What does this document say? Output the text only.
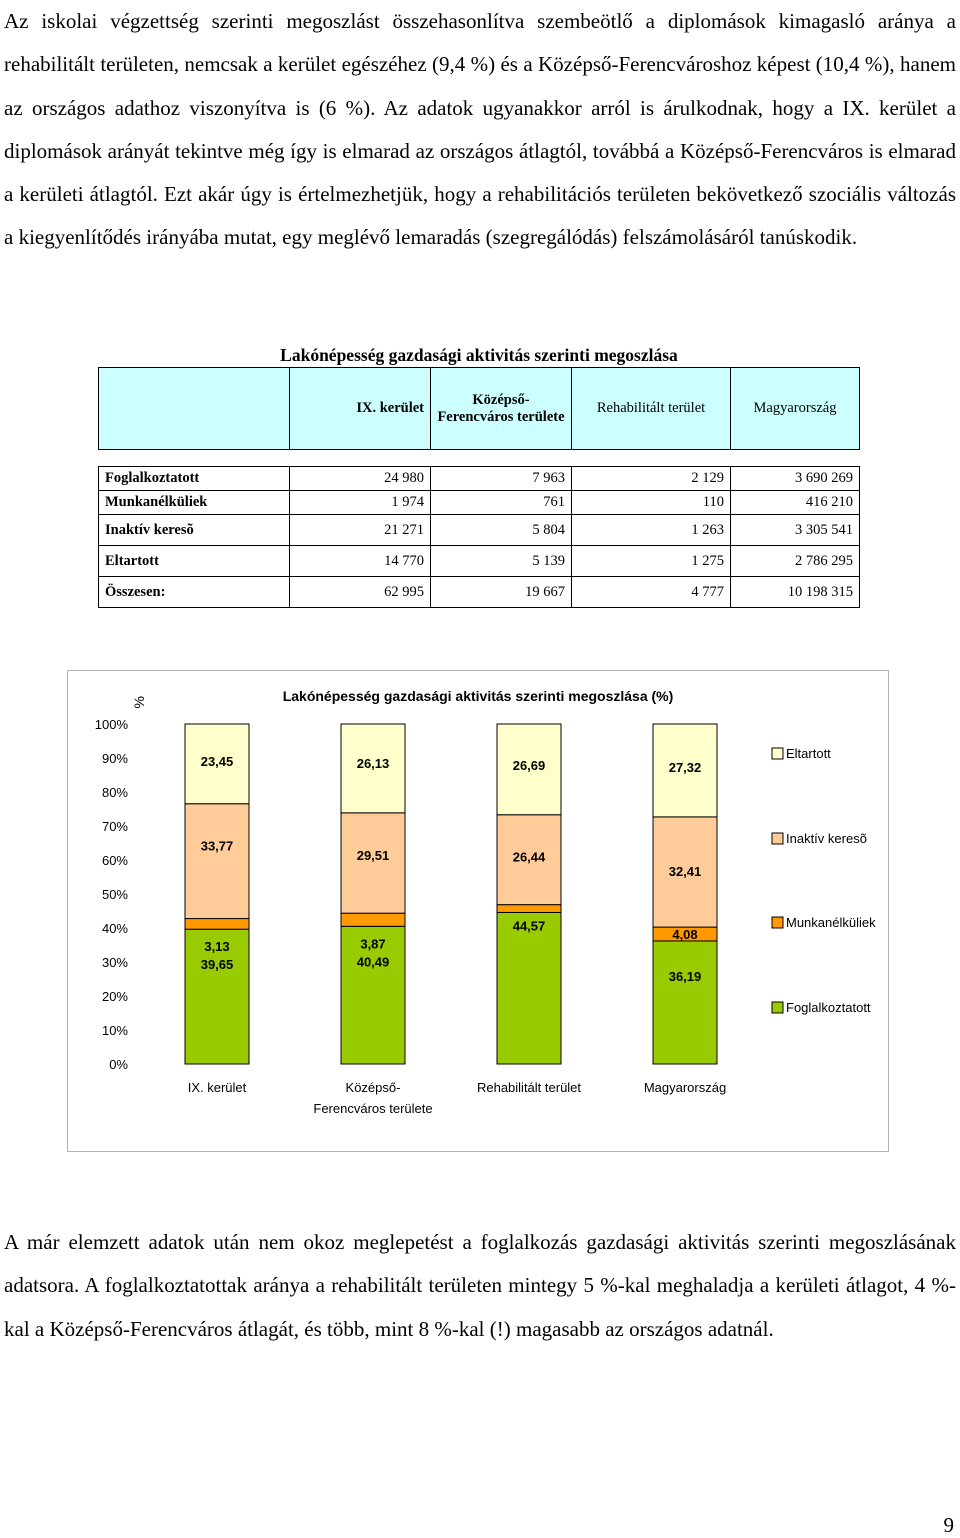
Az iskolai végzettség szerinti megoszlást összehasonlítva szembeötlő a diplomások kimagasló aránya a rehabilitált területen, nemcsak a kerület egészéhez (9,4 %) és a Középső-Ferencvároshoz képest (10,4 %), hanem az országos adathoz viszonyítva is (6 %). Az adatok ugyanakkor arról is árulkodnak, hogy a IX. kerület a diplomások arányát tekintve még így is elmarad az országos átlagtól, továbbá a Középső-Ferencváros is elmarad a kerületi átlagtól. Ezt akár úgy is értelmezhetjük, hogy a rehabilitációs területen bekövetkező szociális változás a kiegyenlítődés irányába mutat, egy meglévő lemaradás (szegregálódás) felszámolásáról tanúskodik.

Lakónépesség gazdasági aktivitás szerinti megoszlása
	IX. kerület	Középső-Ferencváros területe	Rehabilitált terület	Magyarország

Foglalkoztatott	24 980	7 963	2 129	3 690 269
Munkanélküliek	1 974	761	110	416 210
Inaktív keresõ	21 271	5 804	1 263	3 305 541
Eltartott	14 770	5 139	1 275	2 786 295
Összesen:	62 995	19 667	4 777	10 198 315
Lakónépesség gazdasági aktivitás szerinti megoszlása (%)
%
0%
10%
20%
30%
40%
50%
60%
70%
80%
90%
100%
39,65
3,13
33,77
23,45
40,49
3,87
29,51
26,13
44,57
26,44
26,69
36,19
4,08
32,41
27,32
IX. kerület	Középső-
Ferencváros területe
Rehabilitált terület	Magyarország
Eltartott
Inaktív keresõ
Munkanélküliek
Foglalkoztatott

A már elemzett adatok után nem okoz meglepetést a foglalkozás gazdasági aktivitás szerinti megoszlásának adatsora. A foglalkoztatottak aránya a rehabilitált területen mintegy 5 %-kal meghaladja a kerületi átlagot, 4 %-kal a Középső-Ferencváros átlagát, és több, mint 8 %-kal (!) magasabb az országos adatnál.

9
